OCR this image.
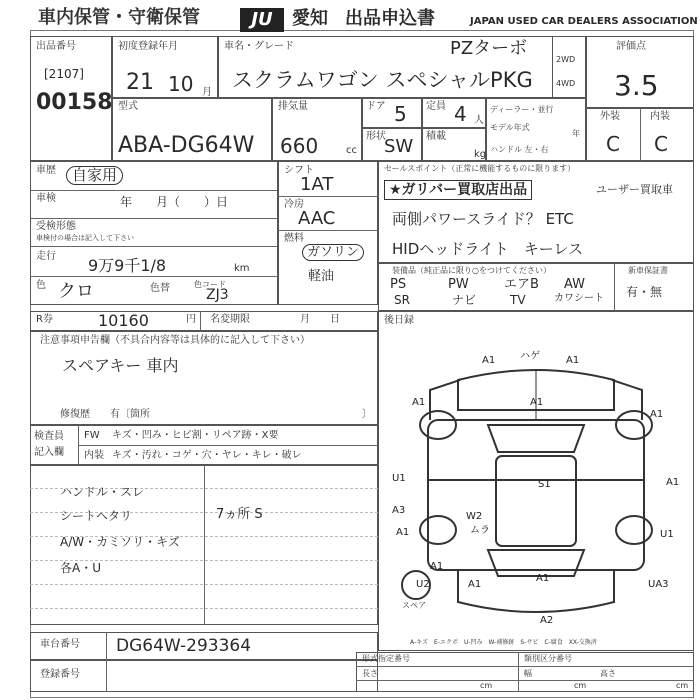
車内保管・守衛保管	JU	愛知 出品申込書	JAPAN USED CAR DEALERS ASSOCIATION
出品番号
[2107]
00158
初度登録年月
21 10 月
車名・グレード	PZターボ
スクラムワゴン スペシャルPKG
2WD
4WD
評価点
3.5
型式
ABA-DG64W
排気量
660	cc
ドア 5 定員 4 人
形状
SW 積載
kg
ディーラー・並行
モデル年式
年
ハンドル 左・右
外装	内装
C C
車歴	自家用
車検	年　　月（　　）日
受検形態
車検付の場合は記入して下さい
走行 9万9千1/8	km
色 クロ	色替	色コード
ZJ3
シフト
1AT
冷房
AAC
燃料
ガソリン
軽油
セールスポイント（正常に機能するものに限ります）
★ガリバー買取店出品	ユーザー買取車
両側パワースライド？ ETC
HIDヘッドライト　キーレス
装備品（純正品に限り○をつけてください）	新車保証書
有・無
PS	PW	エアB AW
SR	ナビ	TV	カワシート
R券	10160	円 名変期限	月　　日
注意事項申告欄（不具合内容等は具体的に記入して下さい）
スペアキー 車内
修復歴　　有〔箇所	〕
検査員
記入欄
FW キズ・凹み・ヒビ割・リペア跡・X要
内装 キズ・汚れ・コゲ・穴・ヤレ・キレ・破レ
ハンドル・スレ
シートヘタリ
A/W・カミソリ・キズ
各A・U
7ヵ所 S
後日録
A1 ハゲ	A1
A1
A1
S1
A1
U1
A3
A1
W2
ムラ
A1
U1
A1
U2	A1
A1
UA3
A2
スペア
A-キズ　E-エクボ　U-凹み　W-補修跡　S-サビ　C-腐食　XX-交換済
車台番号 DG64W-293364
登録番号
形式指定番号	類別区分番号
長さ
cm
幅
cm
高さ
cm
